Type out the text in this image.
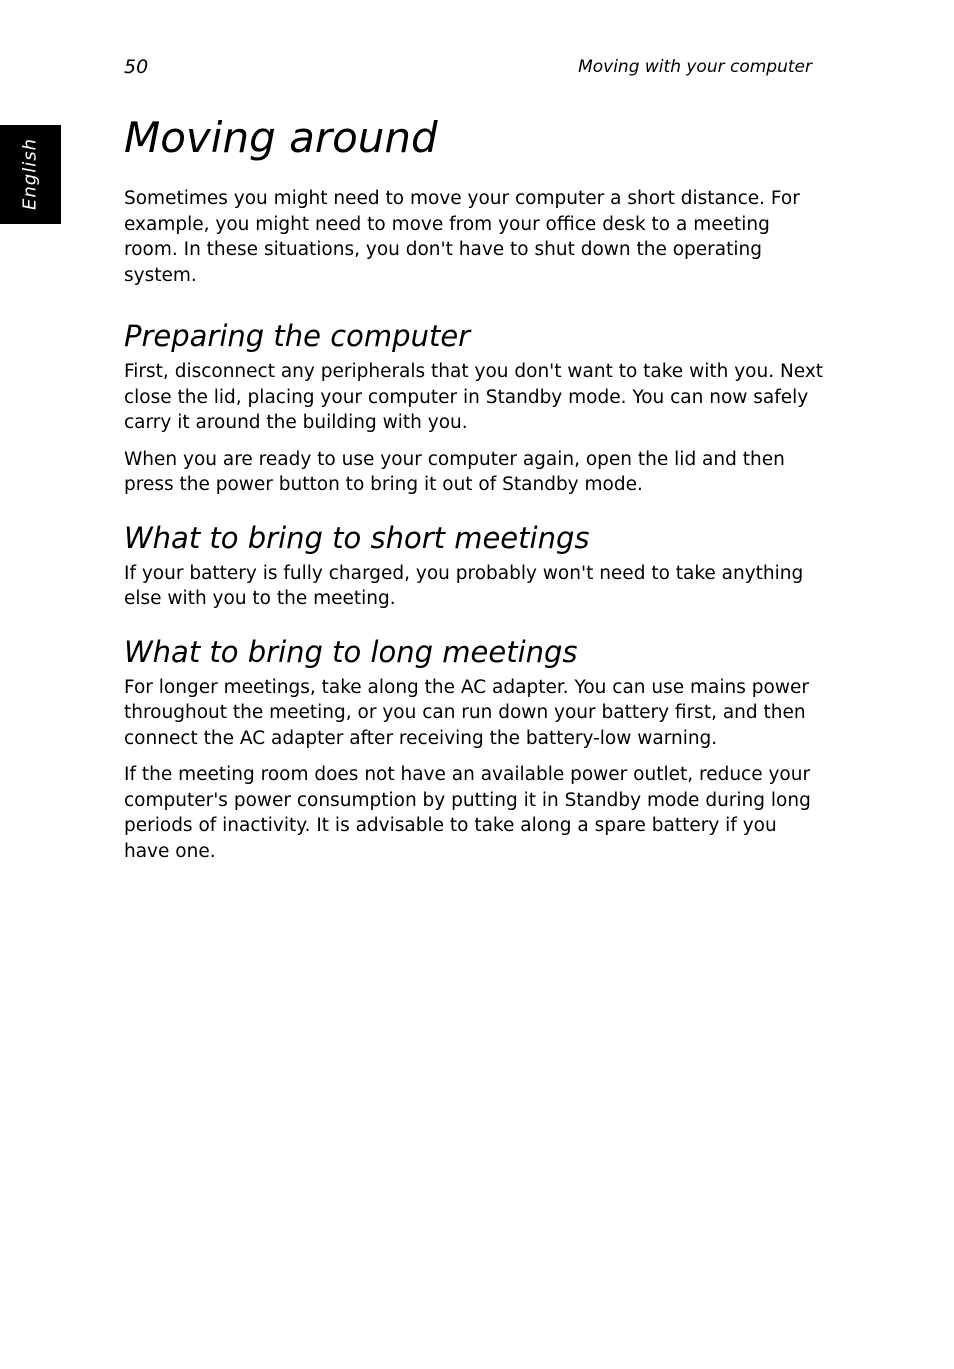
English
50	Moving with your computer
Moving around

Sometimes you might need to move your computer a short distance. For example, you might need to move from your office desk to a meeting room. In these situations, you don't have to shut down the operating system.

Preparing the computer

First, disconnect any peripherals that you don't want to take with you. Next close the lid, placing your computer in Standby mode. You can now safely carry it around the building with you.

When you are ready to use your computer again, open the lid and then press the power button to bring it out of Standby mode.

What to bring to short meetings

If your battery is fully charged, you probably won't need to take anything else with you to the meeting.

What to bring to long meetings

For longer meetings, take along the AC adapter. You can use mains power throughout the meeting, or you can run down your battery first, and then connect the AC adapter after receiving the battery-low warning.

If the meeting room does not have an available power outlet, reduce your computer's power consumption by putting it in Standby mode during long periods of inactivity. It is advisable to take along a spare battery if you have one.
